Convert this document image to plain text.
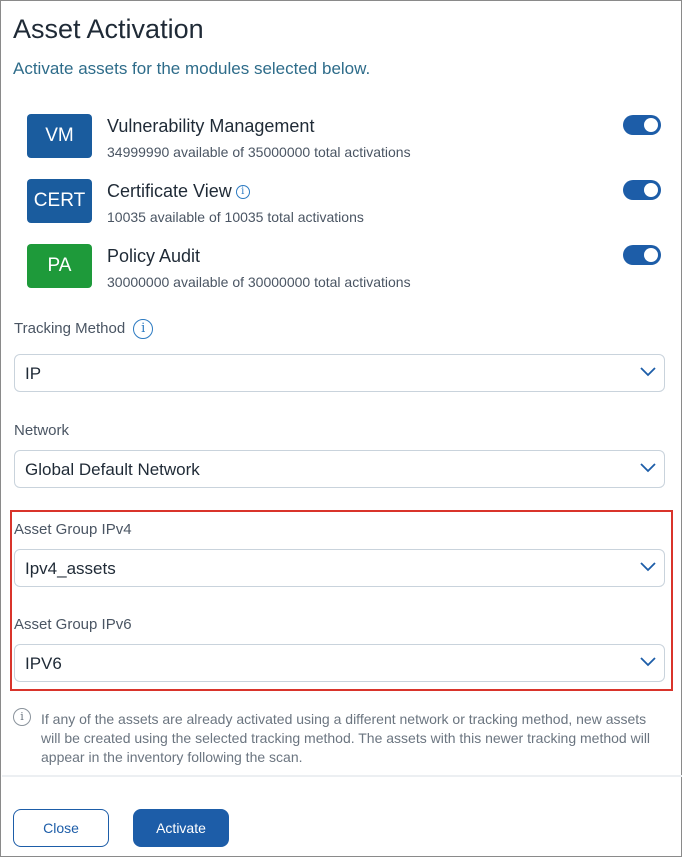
Asset Activation
Activate assets for the modules selected below.
VM	Vulnerability Management
34999990 available of 35000000 total activations
CERT	Certificate View i
10035 available of 10035 total activations
PA	Policy Audit
30000000 available of 30000000 total activations
Tracking Method i
IP
Network
Global Default Network
Asset Group IPv4
Ipv4_assets
Asset Group IPv6
IPV6
i	If any of the assets are already activated using a different network or tracking method, new assets will be created using the selected tracking method. The assets with this newer tracking method will appear in the inventory following the scan.
Close	Activate
